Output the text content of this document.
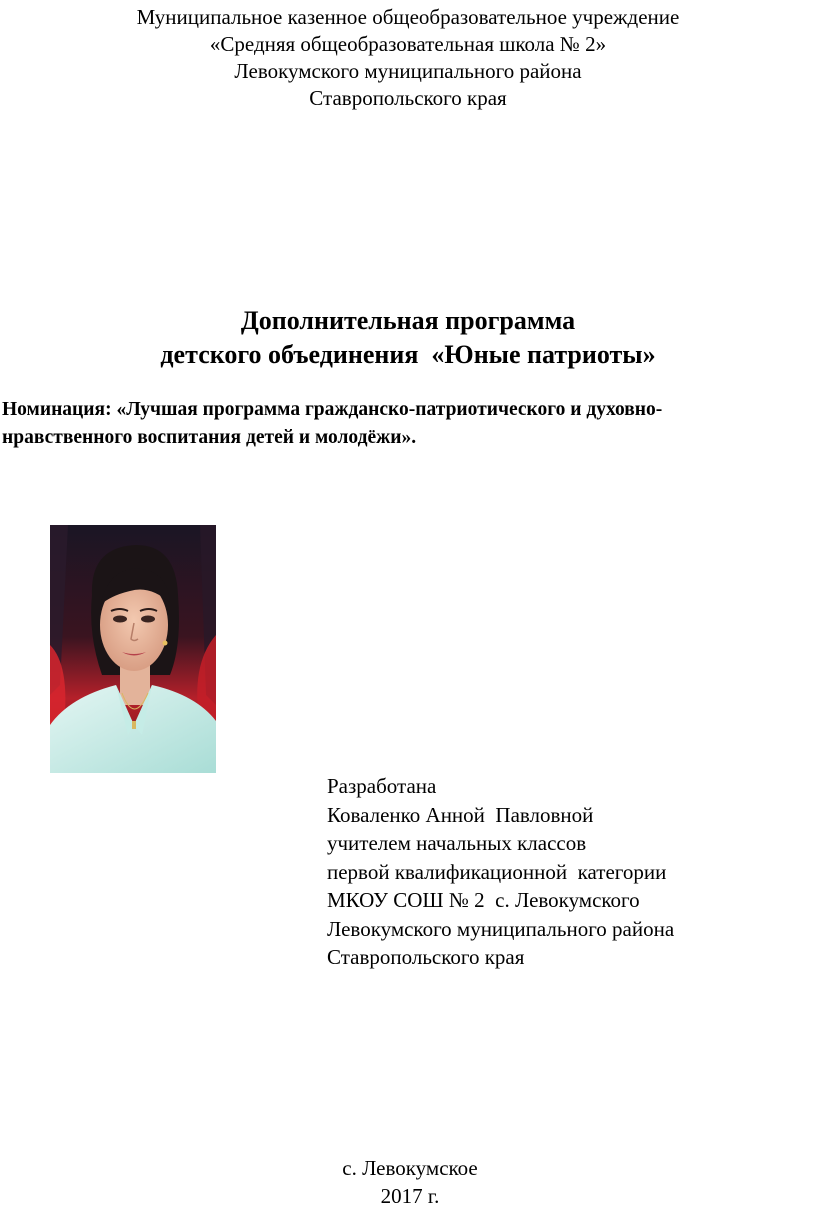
Муниципальное казенное общеобразовательное учреждение
«Средняя общеобразовательная школа № 2»
Левокумского муниципального района
Ставропольского края
Дополнительная программа
детского объединения  «Юные патриоты»
Номинация: «Лучшая программа гражданско-патриотического и духовно-
нравственного воспитания детей и молодёжи».
Разработана
Коваленко Анной  Павловной
учителем начальных классов
первой квалификационной  категории
МКОУ СОШ № 2  с. Левокумского
Левокумского муниципального района
Ставропольского края
с. Левокумское
2017 г.
